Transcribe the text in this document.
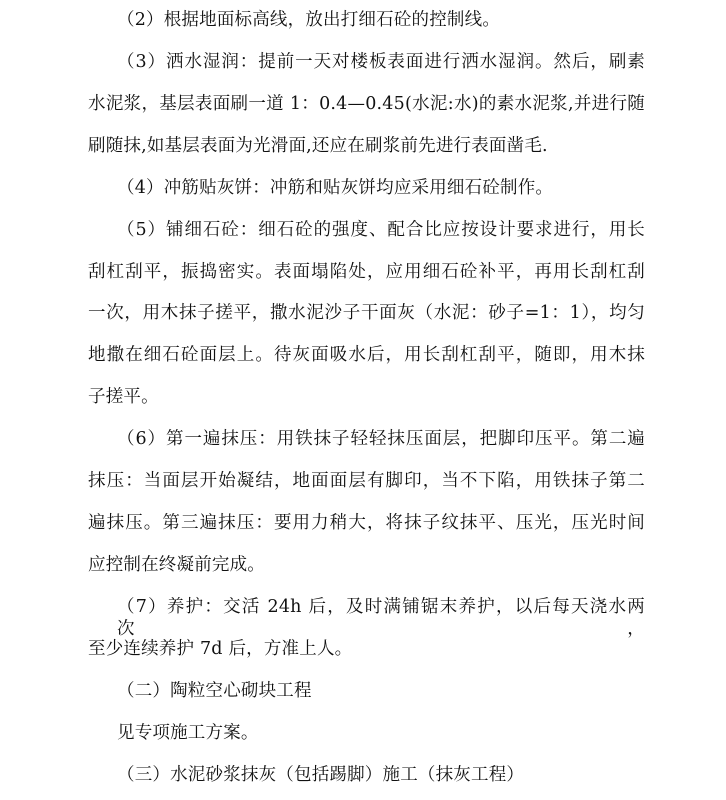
（2）根据地面标高线，放出打细石砼的控制线。
（3）洒水湿润：提前一天对楼板表面进行洒水湿润。然后，刷素
水泥浆，基层表面刷一道 1：0.4—0.45(水泥:水)的素水泥浆,并进行随
刷随抹,如基层表面为光滑面,还应在刷浆前先进行表面凿毛.
（4）冲筋贴灰饼：冲筋和贴灰饼均应采用细石砼制作。
（5）铺细石砼：细石砼的强度、配合比应按设计要求进行，用长
刮杠刮平，振捣密实。表面塌陷处，应用细石砼补平，再用长刮杠刮
一次，用木抹子搓平，撒水泥沙子干面灰（水泥：砂子=1：1），均匀
地撒在细石砼面层上。待灰面吸水后，用长刮杠刮平，随即，用木抹
子搓平。
（6）第一遍抹压：用铁抹子轻轻抹压面层，把脚印压平。第二遍
抹压：当面层开始凝结，地面面层有脚印，当不下陷，用铁抹子第二
遍抹压。第三遍抹压：要用力稍大，将抹子纹抹平、压光，压光时间
应控制在终凝前完成。
（7）养护：交活 24h 后，及时满铺锯末养护，以后每天浇水两次，
至少连续养护 7d 后，方准上人。
（二）陶粒空心砌块工程
见专项施工方案。
（三）水泥砂浆抹灰（包括踢脚）施工（抹灰工程）
